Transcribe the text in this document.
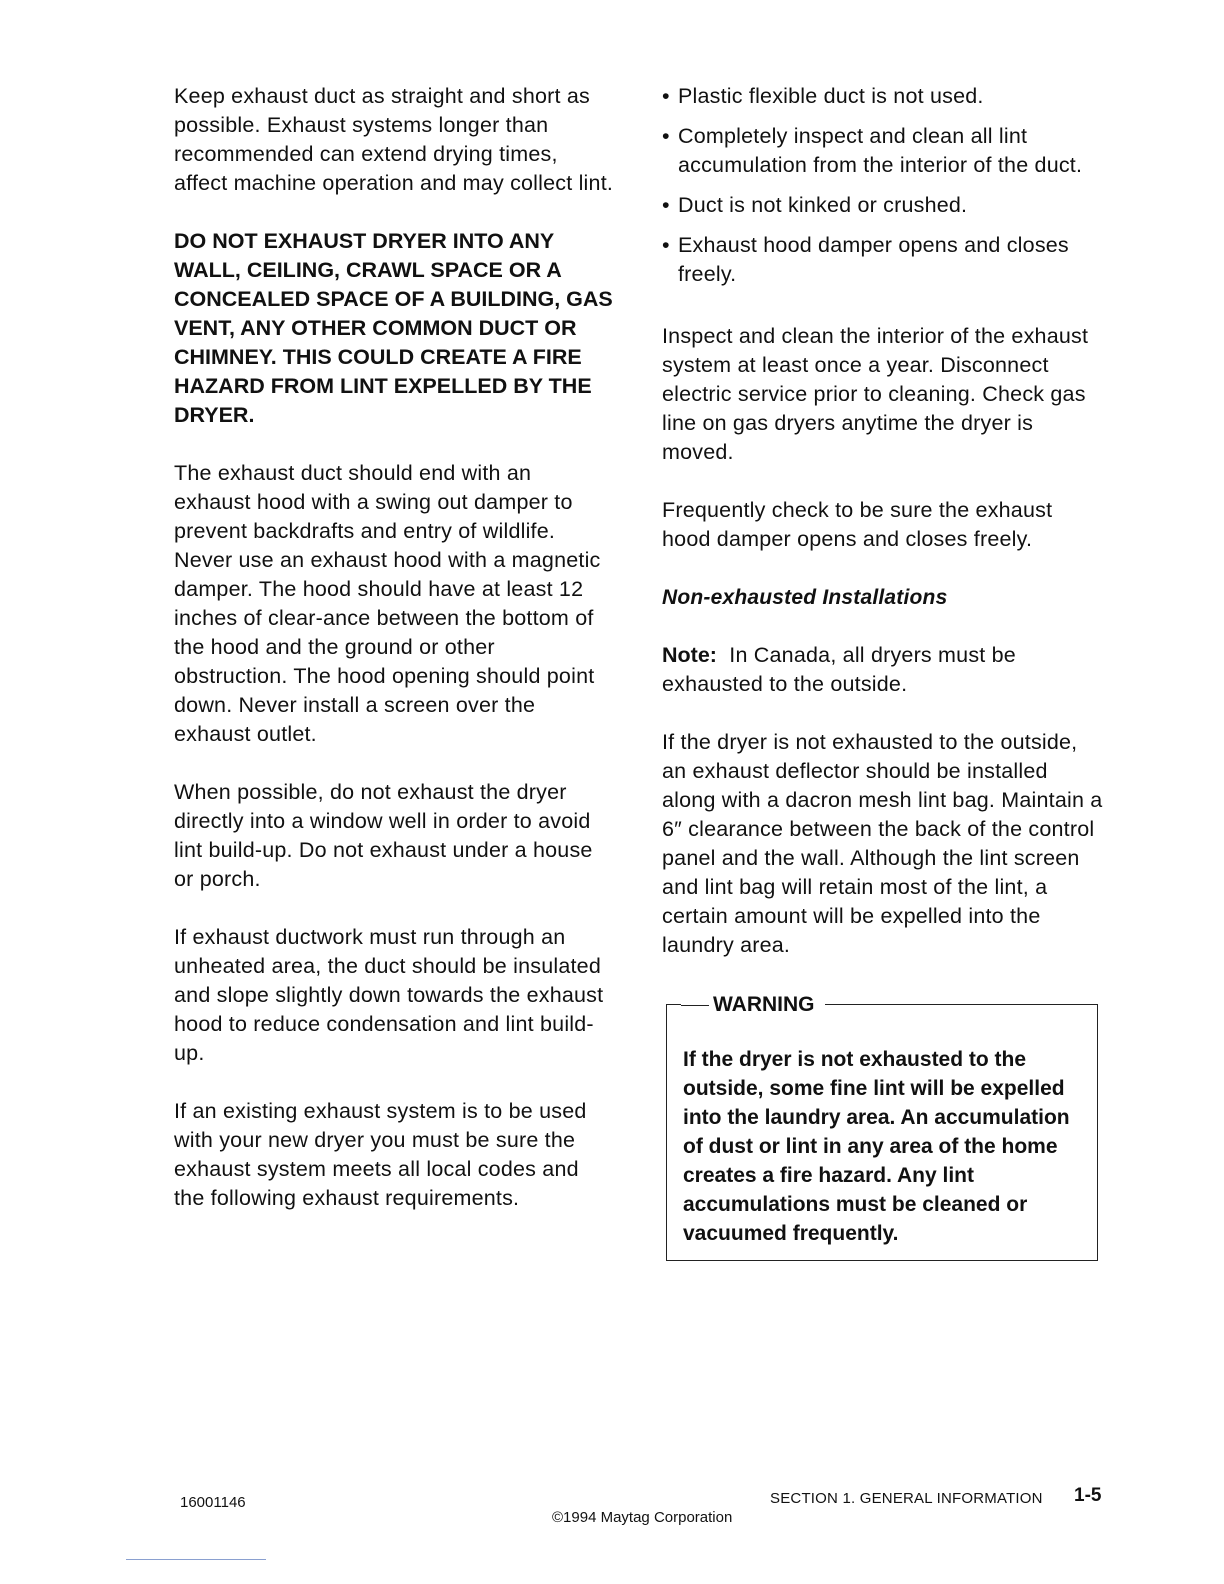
Keep exhaust duct as straight and short as possible. Exhaust systems longer than recommended can extend drying times, affect machine operation and may collect lint.

DO NOT EXHAUST DRYER INTO ANY WALL, CEILING, CRAWL SPACE OR A CONCEALED SPACE OF A BUILDING, GAS VENT, ANY OTHER COMMON DUCT OR CHIMNEY. THIS COULD CREATE A FIRE HAZARD FROM LINT EXPELLED BY THE DRYER.

The exhaust duct should end with an exhaust hood with a swing out damper to prevent backdrafts and entry of wildlife. Never use an exhaust hood with a magnetic damper. The hood should have at least 12 inches of clear-ance between the bottom of the hood and the ground or other obstruction. The hood opening should point down. Never install a screen over the exhaust outlet.

When possible, do not exhaust the dryer directly into a window well in order to avoid lint build-up. Do not exhaust under a house or porch.

If exhaust ductwork must run through an unheated area, the duct should be insulated and slope slightly down towards the exhaust hood to reduce condensation and lint build-up.

If an existing exhaust system is to be used with your new dryer you must be sure the exhaust system meets all local codes and the following exhaust requirements.

• Plastic flexible duct is not used.
• Completely inspect and clean all lint accumulation from the interior of the duct.
• Duct is not kinked or crushed.
• Exhaust hood damper opens and closes freely.

Inspect and clean the interior of the exhaust system at least once a year. Disconnect electric service prior to cleaning. Check gas line on gas dryers anytime the dryer is moved.

Frequently check to be sure the exhaust hood damper opens and closes freely.

Non-exhausted Installations

Note: In Canada, all dryers must be exhausted to the outside.

If the dryer is not exhausted to the outside, an exhaust deflector should be installed along with a dacron mesh lint bag. Maintain a 6″ clearance between the back of the control panel and the wall. Although the lint screen and lint bag will retain most of the lint, a certain amount will be expelled into the laundry area.

WARNING

If the dryer is not exhausted to the outside, some fine lint will be expelled into the laundry area. An accumulation of dust or lint in any area of the home creates a fire hazard. Any lint accumulations must be cleaned or vacuumed frequently.

16001146	SECTION 1. GENERAL INFORMATION 1-5
©1994 Maytag Corporation
